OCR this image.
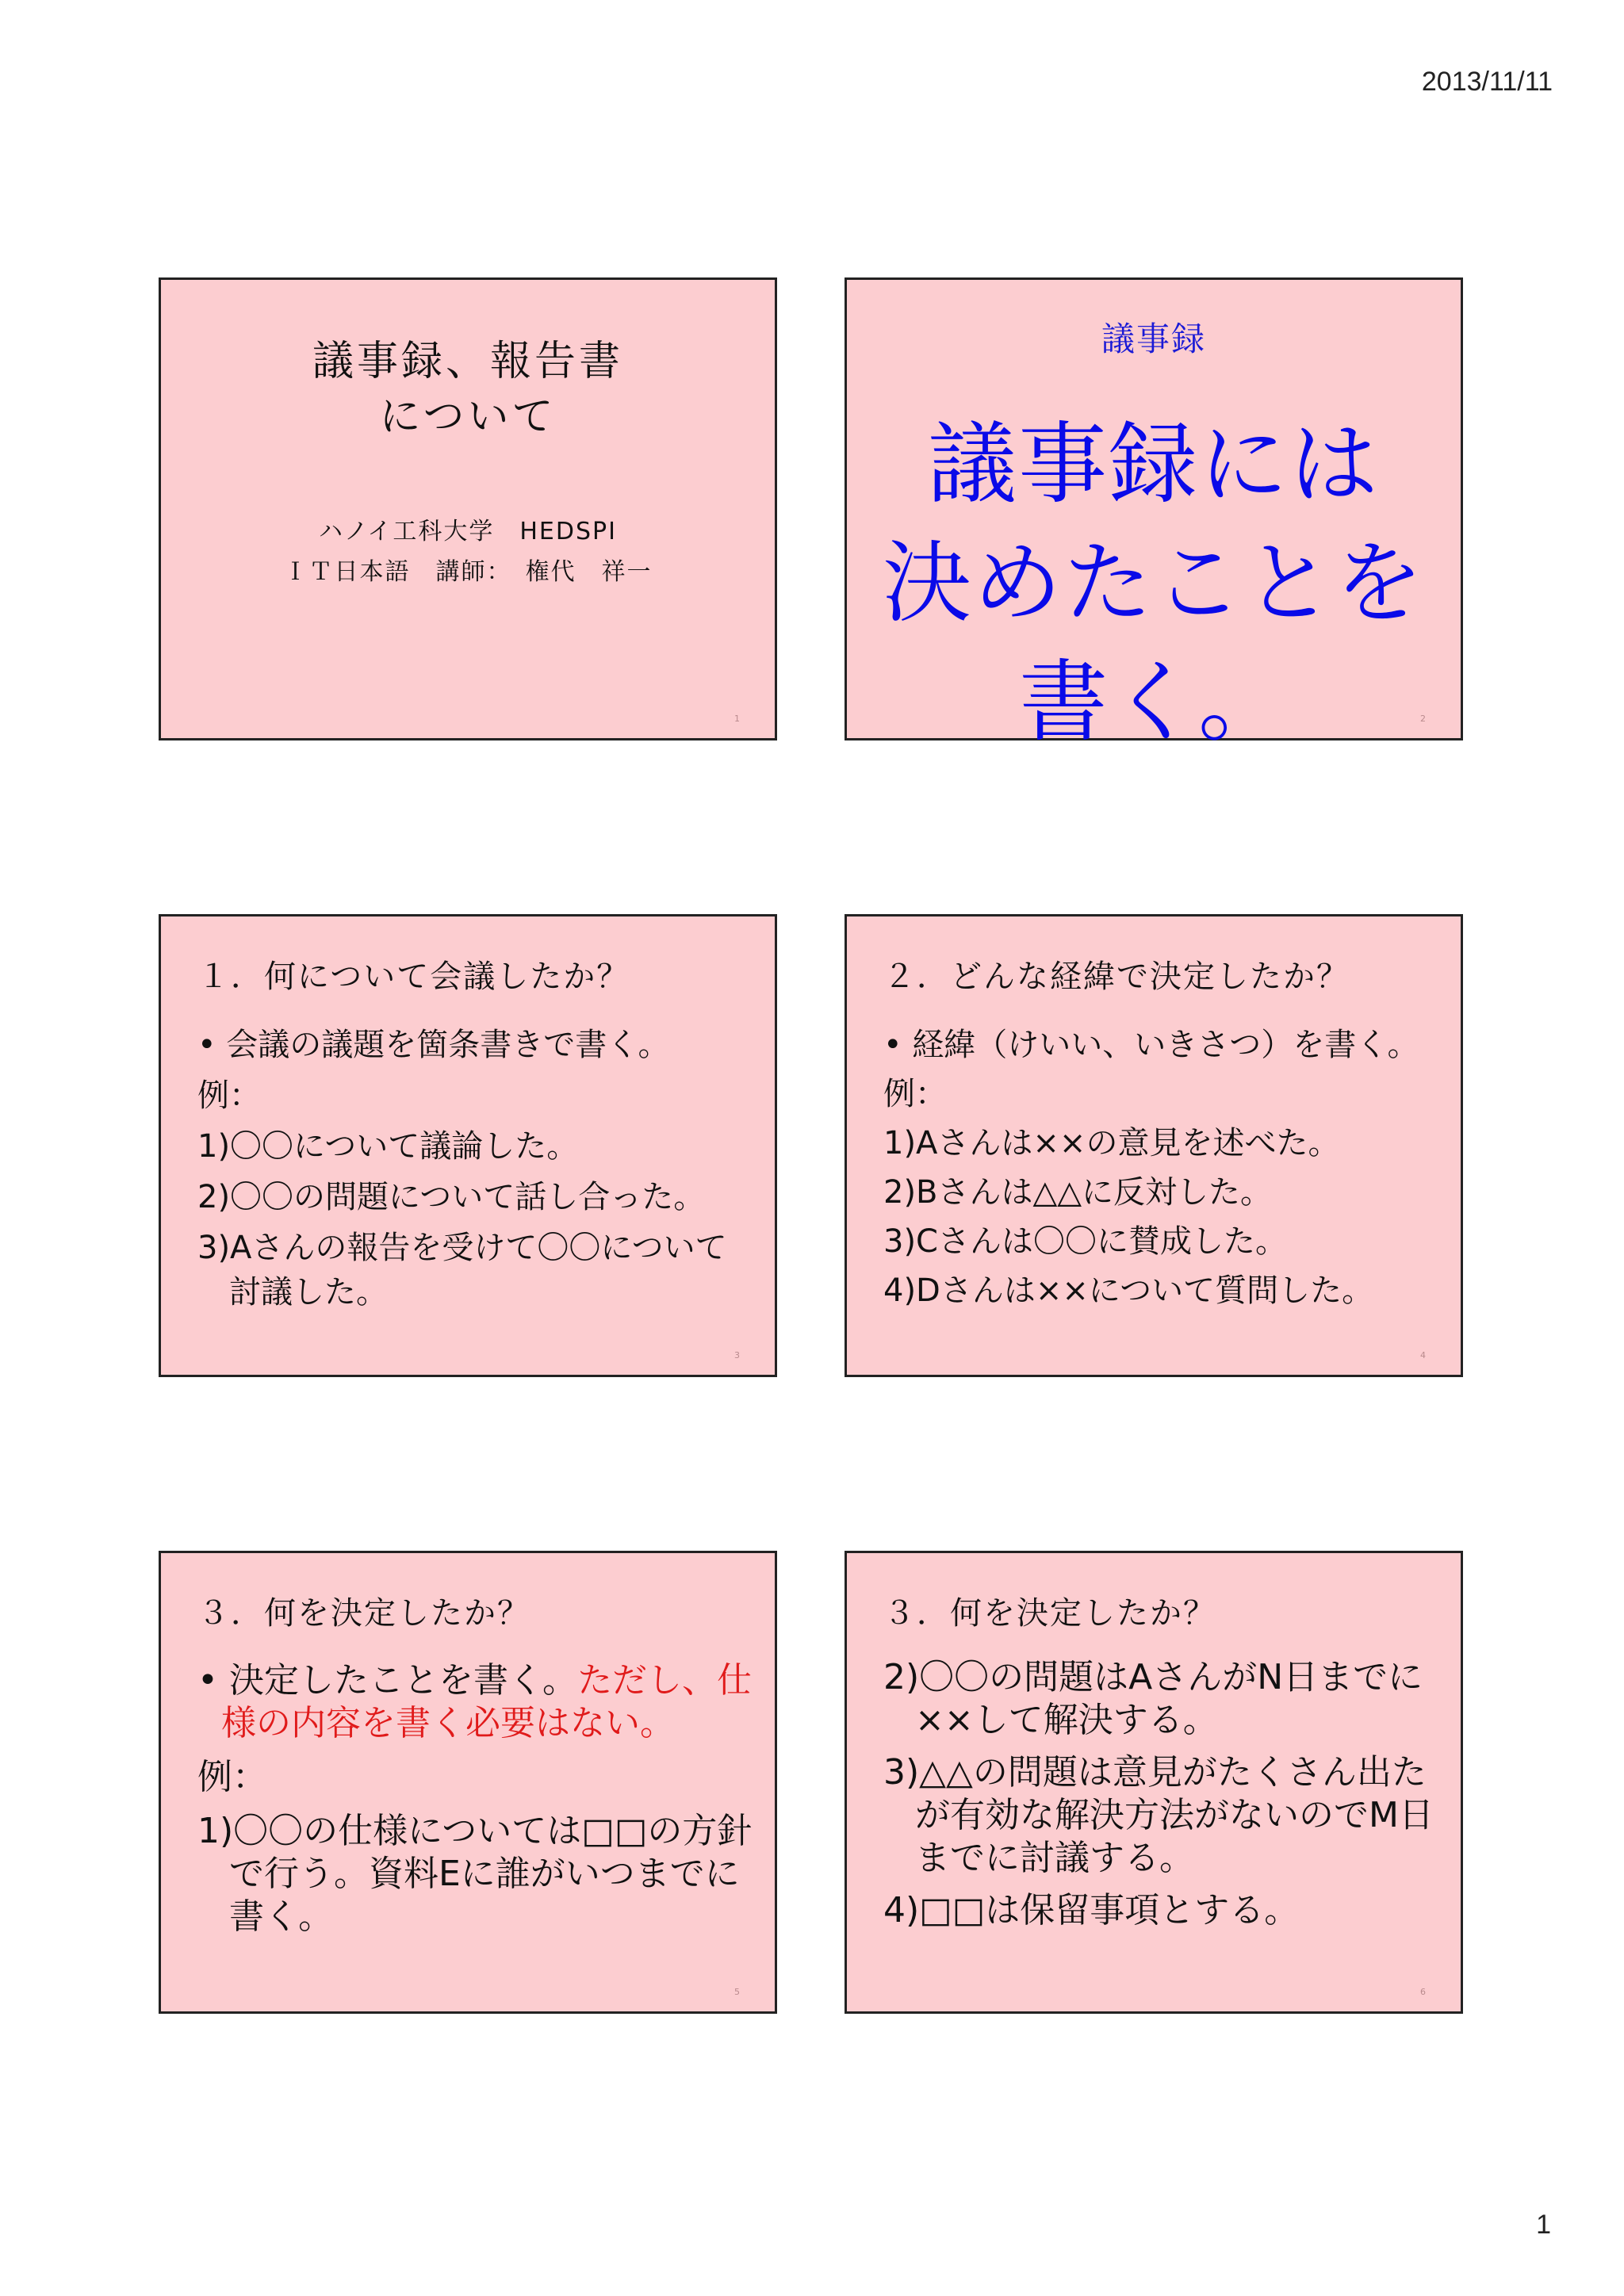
2013/11/11
議事録、報告書
について
ハノイ工科大学　HEDSPI
ＩＴ日本語　講師：　権代　祥一
1
議事録
議事録には
決めたことを
書く。	2
１．何について会議したか？
• 会議の議題を箇条書きで書く。
例：
1)〇〇について議論した。
2)〇〇の問題について話し合った。
3)Aさんの報告を受けて〇〇について討議した。
3
２．どんな経緯で決定したか？
• 経緯（けいい、いきさつ）を書く。
例：
1)Aさんは××の意見を述べた。
2)Bさんは△△に反対した。
3)Cさんは〇〇に賛成した。
4)Dさんは××について質問した。
4
３．何を決定したか？
• 決定したことを書く。ただし、仕様の内容を書く必要はない。
例：
1)〇〇の仕様については□□の方針で行う。資料Eに誰がいつまでに書く。
5
３．何を決定したか？
2)〇〇の問題はAさんがN日までに××して解決する。
3)△△の問題は意見がたくさん出たが有効な解決方法がないのでM日までに討議する。
4)□□は保留事項とする。
6
1
